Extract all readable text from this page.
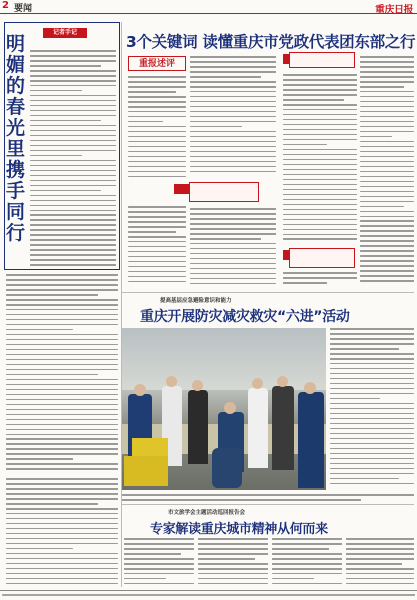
2 要闻	重庆日报
明媚的春光里携手同行
记者手记
3个关键词 读懂重庆市党政代表团东部之行
重报述评
提高基层应急避险意识和能力
重庆开展防灾减灾救灾“六进”活动
市文旅学会主题活动巡回报告会
专家解读重庆城市精神从何而来
